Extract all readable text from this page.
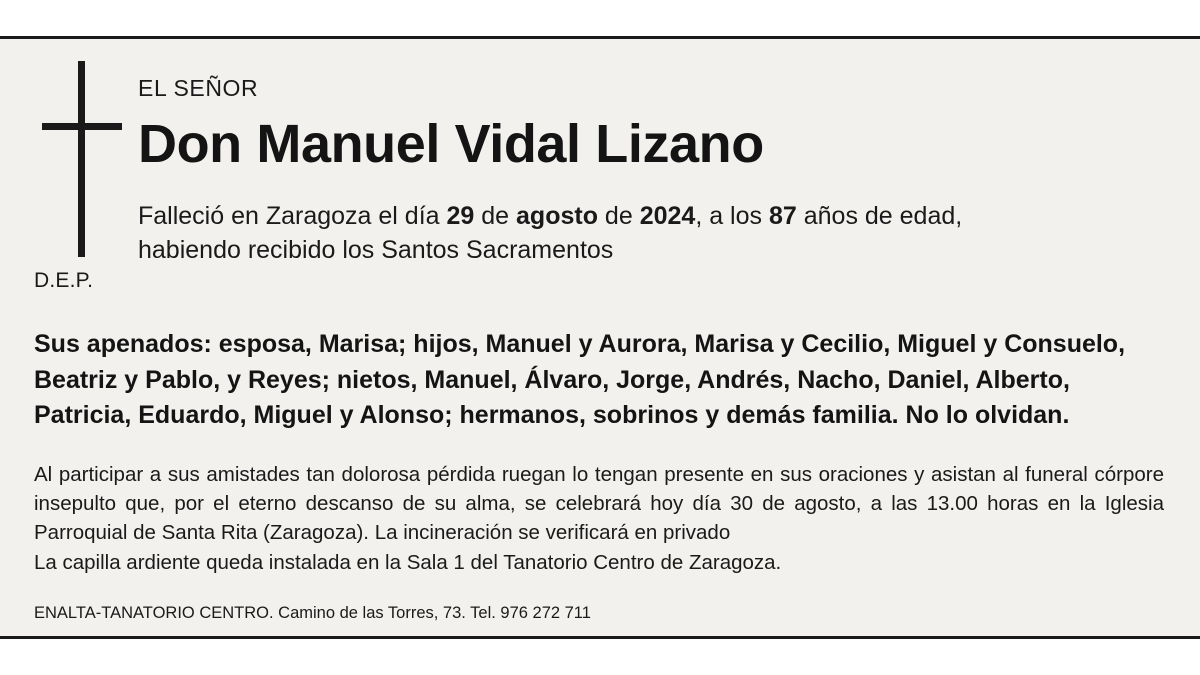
D.E.P.
EL SEÑOR
Don Manuel Vidal Lizano

Falleció en Zaragoza el día 29 de agosto de 2024, a los 87 años de edad,
habiendo recibido los Santos Sacramentos

Sus apenados: esposa, Marisa; hijos, Manuel y Aurora, Marisa y Cecilio, Miguel y Consuelo, Beatriz y Pablo, y Reyes; nietos, Manuel, Álvaro, Jorge, Andrés, Nacho, Daniel, Alberto, Patricia, Eduardo, Miguel y Alonso; hermanos, sobrinos y demás familia. No lo olvidan.
Al participar a sus amistades tan dolorosa pérdida ruegan lo tengan presente en sus oraciones y asistan al funeral córpore insepulto que, por el eterno descanso de su alma, se celebrará hoy día 30 de agosto, a las 13.00 horas en la Iglesia Parroquial de Santa Rita (Zaragoza). La incineración se verificará en privado
La capilla ardiente queda instalada en la Sala 1 del Tanatorio Centro de Zaragoza.
ENALTA-TANATORIO CENTRO. Camino de las Torres, 73. Tel. 976 272 711
